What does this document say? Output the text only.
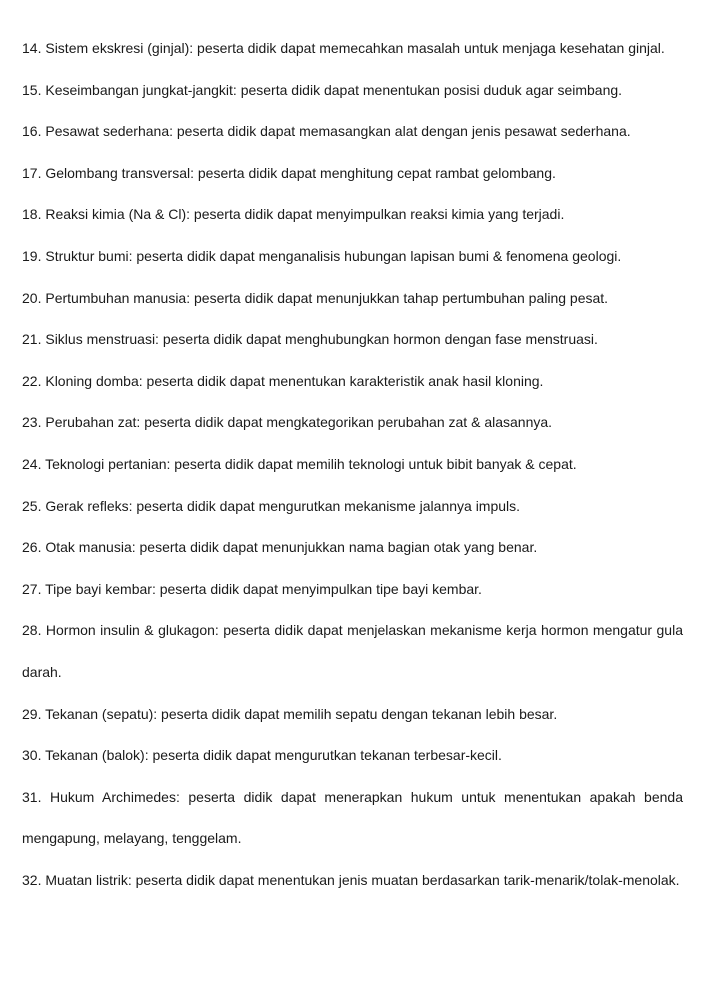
14. Sistem ekskresi (ginjal): peserta didik dapat memecahkan masalah untuk menjaga kesehatan ginjal.

15. Keseimbangan jungkat-jangkit: peserta didik dapat menentukan posisi duduk agar seimbang.

16. Pesawat sederhana: peserta didik dapat memasangkan alat dengan jenis pesawat sederhana.

17. Gelombang transversal: peserta didik dapat menghitung cepat rambat gelombang.

18. Reaksi kimia (Na & Cl): peserta didik dapat menyimpulkan reaksi kimia yang terjadi.

19. Struktur bumi: peserta didik dapat menganalisis hubungan lapisan bumi & fenomena geologi.

20. Pertumbuhan manusia: peserta didik dapat menunjukkan tahap pertumbuhan paling pesat.

21. Siklus menstruasi: peserta didik dapat menghubungkan hormon dengan fase menstruasi.

22. Kloning domba: peserta didik dapat menentukan karakteristik anak hasil kloning.

23. Perubahan zat: peserta didik dapat mengkategorikan perubahan zat & alasannya.

24. Teknologi pertanian: peserta didik dapat memilih teknologi untuk bibit banyak & cepat.

25. Gerak refleks: peserta didik dapat mengurutkan mekanisme jalannya impuls.

26. Otak manusia: peserta didik dapat menunjukkan nama bagian otak yang benar.

27. Tipe bayi kembar: peserta didik dapat menyimpulkan tipe bayi kembar.

28. Hormon insulin & glukagon: peserta didik dapat menjelaskan mekanisme kerja hormon mengatur gula darah.

29. Tekanan (sepatu): peserta didik dapat memilih sepatu dengan tekanan lebih besar.

30. Tekanan (balok): peserta didik dapat mengurutkan tekanan terbesar-kecil.

31. Hukum Archimedes: peserta didik dapat menerapkan hukum untuk menentukan apakah benda mengapung, melayang, tenggelam.

32. Muatan listrik: peserta didik dapat menentukan jenis muatan berdasarkan tarik-menarik/tolak-menolak.
